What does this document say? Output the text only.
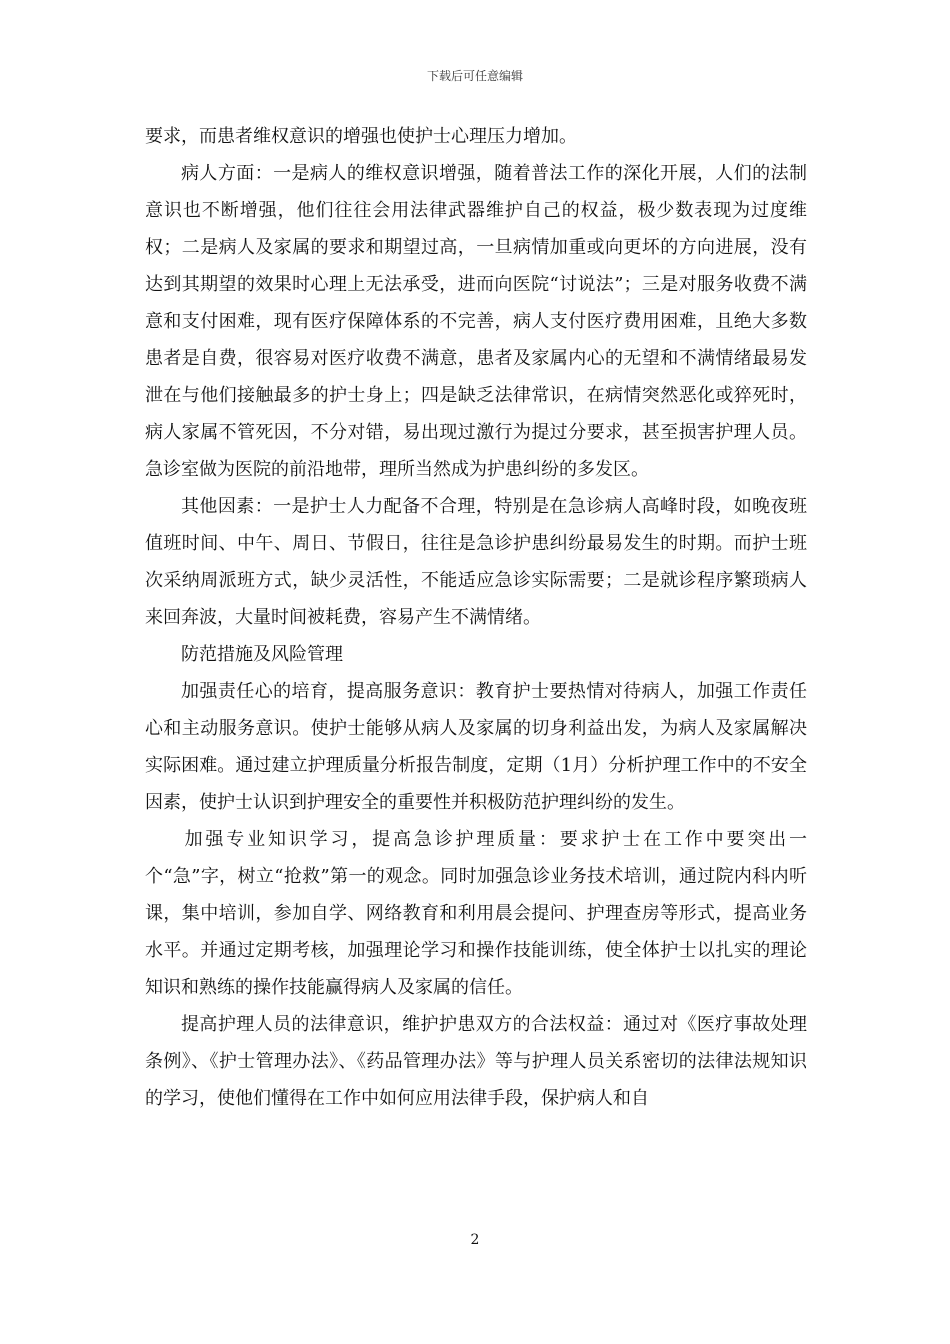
下载后可任意编辑

要求，而患者维权意识的增强也使护士心理压力增加。

病人方面：一是病人的维权意识增强，随着普法工作的深化开展，人们的法制意识也不断增强，他们往往会用法律武器维护自己的权益，极少数表现为过度维权；二是病人及家属的要求和期望过高，一旦病情加重或向更坏的方向进展，没有达到其期望的效果时心理上无法承受，进而向医院“讨说法”；三是对服务收费不满意和支付困难，现有医疗保障体系的不完善，病人支付医疗费用困难，且绝大多数患者是自费，很容易对医疗收费不满意，患者及家属内心的无望和不满情绪最易发泄在与他们接触最多的护士身上；四是缺乏法律常识，在病情突然恶化或猝死时，病人家属不管死因，不分对错，易出现过激行为提过分要求，甚至损害护理人员。急诊室做为医院的前沿地带，理所当然成为护患纠纷的多发区。

其他因素：一是护士人力配备不合理，特别是在急诊病人高峰时段，如晚夜班值班时间、中午、周日、节假日，往往是急诊护患纠纷最易发生的时期。而护士班次采纳周派班方式，缺少灵活性，不能适应急诊实际需要；二是就诊程序繁琐病人来回奔波，大量时间被耗费，容易产生不满情绪。

防范措施及风险管理

加强责任心的培育，提高服务意识：教育护士要热情对待病人，加强工作责任心和主动服务意识。使护士能够从病人及家属的切身利益出发，为病人及家属解决实际困难。通过建立护理质量分析报告制度，定期（1月）分析护理工作中的不安全因素，使护士认识到护理安全的重要性并积极防范护理纠纷的发生。

加强专业知识学习，提高急诊护理质量：要求护士在工作中要突出一个“急”字，树立“抢救”第一的观念。同时加强急诊业务技术培训，通过院内科内听课，集中培训，参加自学、网络教育和利用晨会提问、护理查房等形式，提高业务水平。并通过定期考核，加强理论学习和操作技能训练，使全体护士以扎实的理论知识和熟练的操作技能赢得病人及家属的信任。

提高护理人员的法律意识，维护护患双方的合法权益：通过对《医疗事故处理条例》、《护士管理办法》、《药品管理办法》等与护理人员关系密切的法律法规知识的学习，使他们懂得在工作中如何应用法律手段，保护病人和自

2
